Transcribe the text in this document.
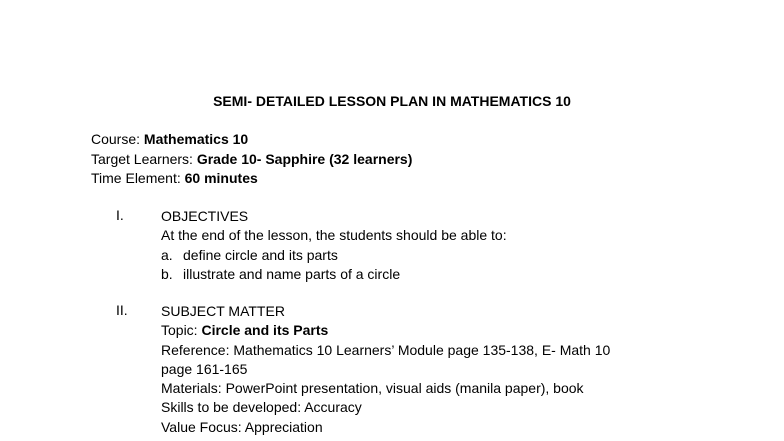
SEMI- DETAILED LESSON PLAN IN MATHEMATICS 10
Course: Mathematics 10
Target Learners: Grade 10- Sapphire (32 learners)
Time Element: 60 minutes
I.	OBJECTIVES
At the end of the lesson, the students should be able to:
a. define circle and its parts
b. illustrate and name parts of a circle
II. SUBJECT MATTER
Topic: Circle and its Parts
Reference: Mathematics 10 Learners’ Module page 135-138, E- Math 10
page 161-165
Materials: PowerPoint presentation, visual aids (manila paper), book
Skills to be developed: Accuracy
Value Focus: Appreciation
